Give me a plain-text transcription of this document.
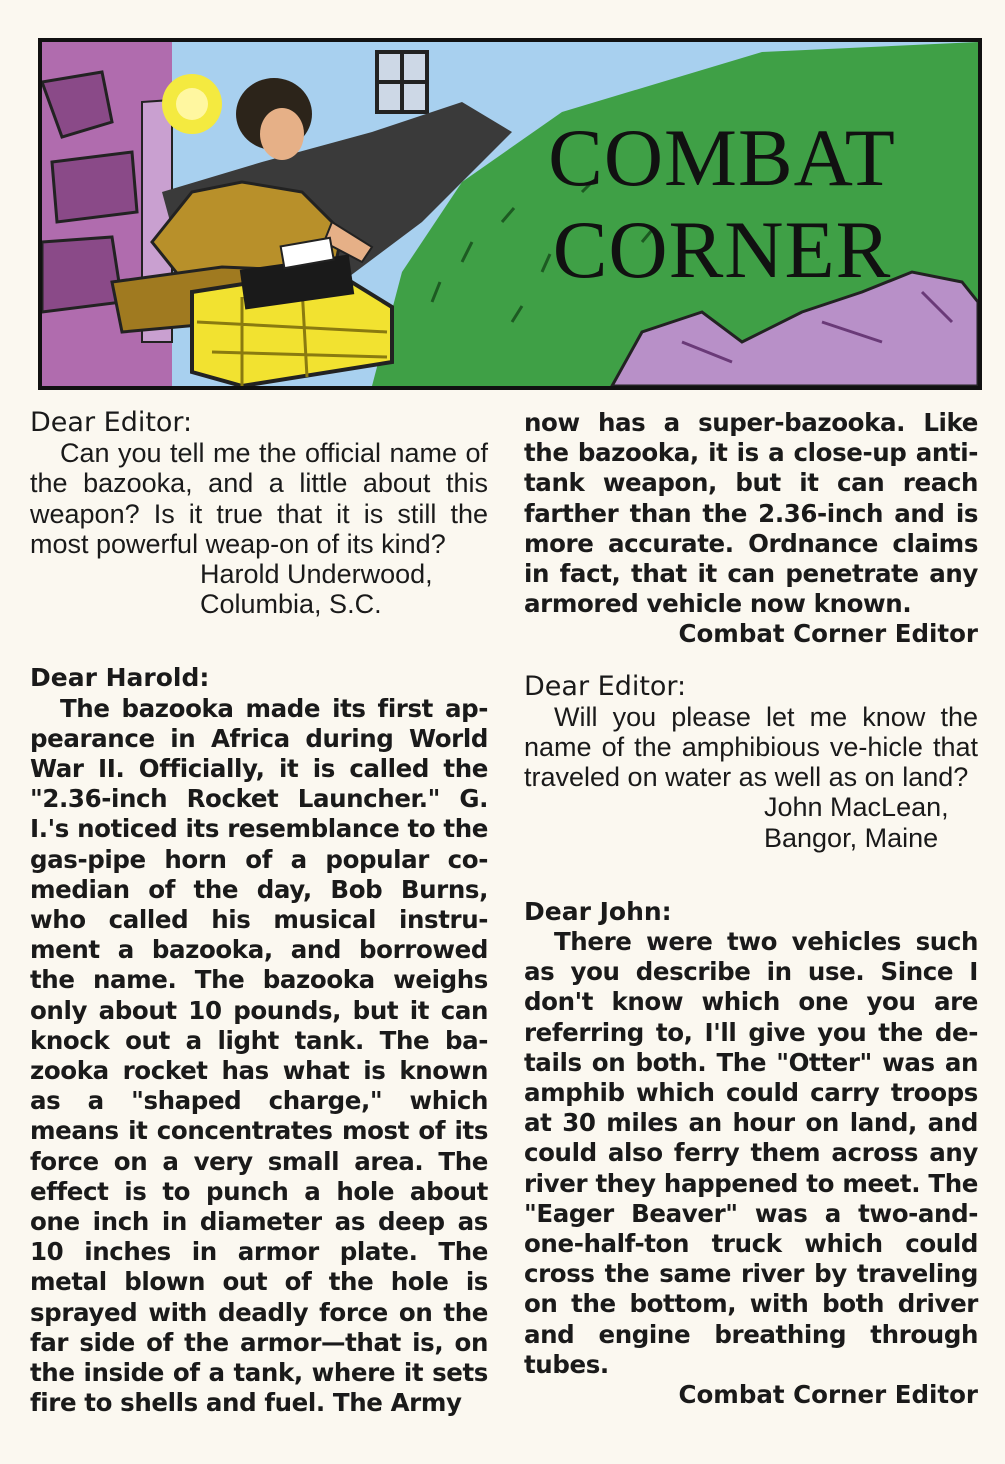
COMBAT
CORNER

Dear Editor:

Can you tell me the official name of the bazooka, and a little about this weapon? Is it true that it is still the most powerful weap-on of its kind?

Harold Underwood,

Columbia, S.C.

Dear Harold:

The bazooka made its first ap-pearance in Africa during World War II. Officially, it is called the "2.36-inch Rocket Launcher." G. I.'s noticed its resemblance to the gas-pipe horn of a popular co-median of the day, Bob Burns, who called his musical instru-ment a bazooka, and borrowed the name. The bazooka weighs only about 10 pounds, but it can knock out a light tank. The ba-zooka rocket has what is known as a "shaped charge," which means it concentrates most of its force on a very small area. The effect is to punch a hole about one inch in diameter as deep as 10 inches in armor plate. The metal blown out of the hole is sprayed with deadly force on the far side of the armor—that is, on the inside of a tank, where it sets fire to shells and fuel. The Army

now has a super-bazooka. Like the bazooka, it is a close-up anti-tank weapon, but it can reach farther than the 2.36-inch and is more accurate. Ordnance claims in fact, that it can penetrate any armored vehicle now known.

Combat Corner Editor

Dear Editor:

Will you please let me know the name of the amphibious ve-hicle that traveled on water as well as on land?

John MacLean,

Bangor, Maine

Dear John:

There were two vehicles such as you describe in use. Since I don't know which one you are referring to, I'll give you the de-tails on both. The "Otter" was an amphib which could carry troops at 30 miles an hour on land, and could also ferry them across any river they happened to meet. The "Eager Beaver" was a two-and-one-half-ton truck which could cross the same river by traveling on the bottom, with both driver and engine breathing through tubes.

Combat Corner Editor
